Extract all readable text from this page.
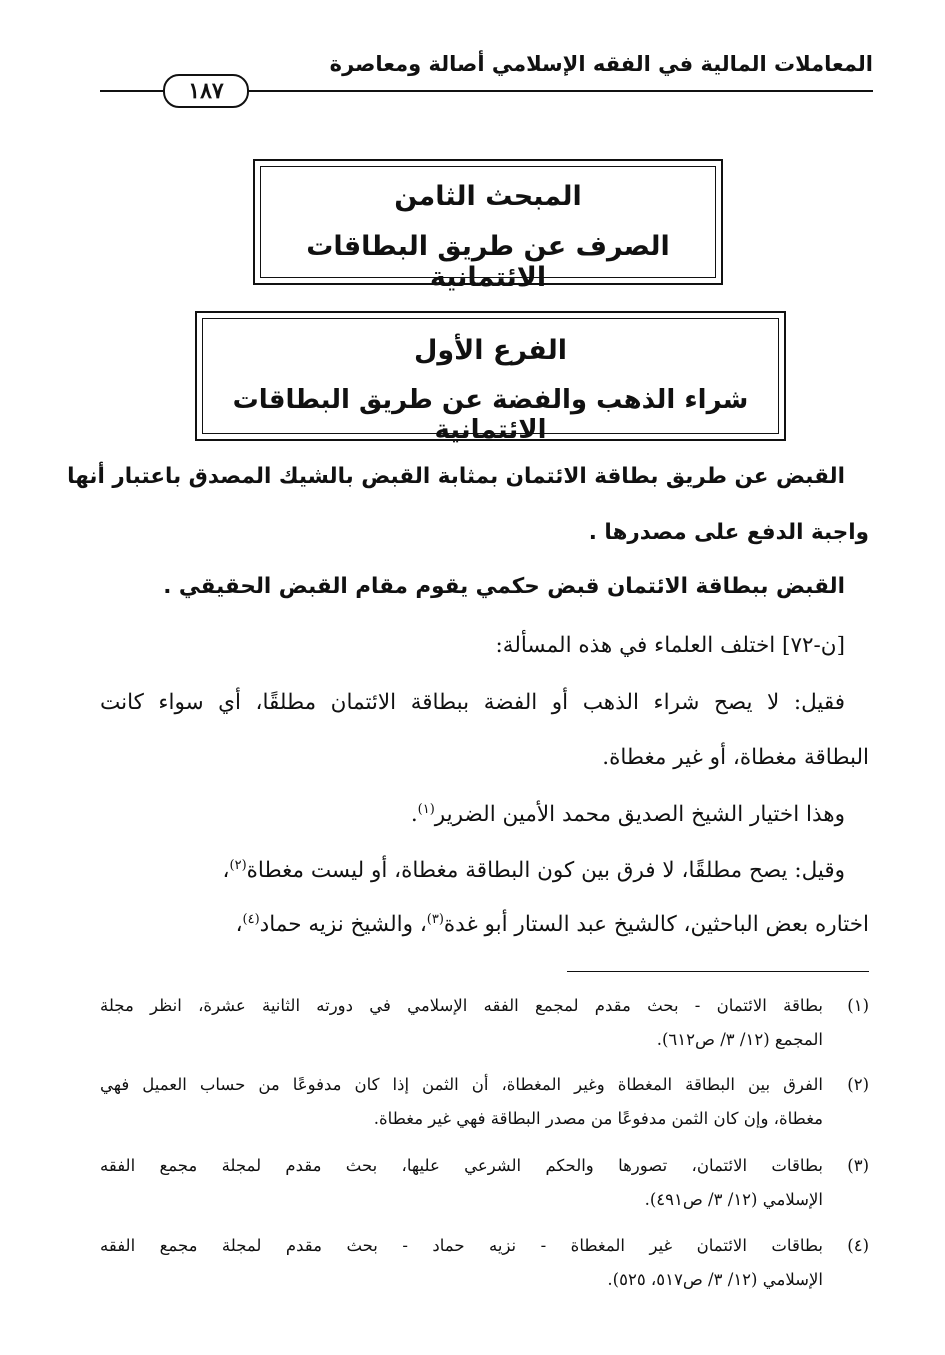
المعاملات المالية في الفقه الإسلامي أصالة ومعاصرة
١٨٧
المبحث الثامن
الصرف عن طريق البطاقات الائتمانية
الفرع الأول
شراء الذهب والفضة عن طريق البطاقات الائتمانية
القبض عن طريق بطاقة الائتمان بمثابة القبض بالشيك المصدق باعتبار أنها
واجبة الدفع على مصدرها .
القبض ببطاقة الائتمان قبض حكمي يقوم مقام القبض الحقيقي .
[ن-٧٢] اختلف العلماء في هذه المسألة:
فقيل: لا يصح شراء الذهب أو الفضة ببطاقة الائتمان مطلقًا، أي سواء كانت
البطاقة مغطاة، أو غير مغطاة.
وهذا اختيار الشيخ الصديق محمد الأمين الضرير$^{(١)}$.
وقيل: يصح مطلقًا، لا فرق بين كون البطاقة مغطاة، أو ليست مغطاة$^{(٢)}$،
اختاره بعض الباحثين، كالشيخ عبد الستار أبو غدة$^{(٣)}$، والشيخ نزيه حماد$^{(٤)}$،
(١)
بطاقة الائتمان - بحث مقدم لمجمع الفقه الإسلامي في دورته الثانية عشرة، انظر مجلة
المجمع (١٢/ ٣/ ص٦١٢).
(٢)
الفرق بين البطاقة المغطاة وغير المغطاة، أن الثمن إذا كان مدفوعًا من حساب العميل فهي
مغطاة، وإن كان الثمن مدفوعًا من مصدر البطاقة فهي غير مغطاة.
(٣)
بطاقات الائتمان، تصورها والحكم الشرعي عليها، بحث مقدم لمجلة مجمع الفقه
الإسلامي (١٢/ ٣/ ص٤٩١).
(٤)
بطاقات الائتمان غير المغطاة - نزيه حماد - بحث مقدم لمجلة مجمع الفقه
الإسلامي (١٢/ ٣/ ص٥١٧، ٥٢٥).
